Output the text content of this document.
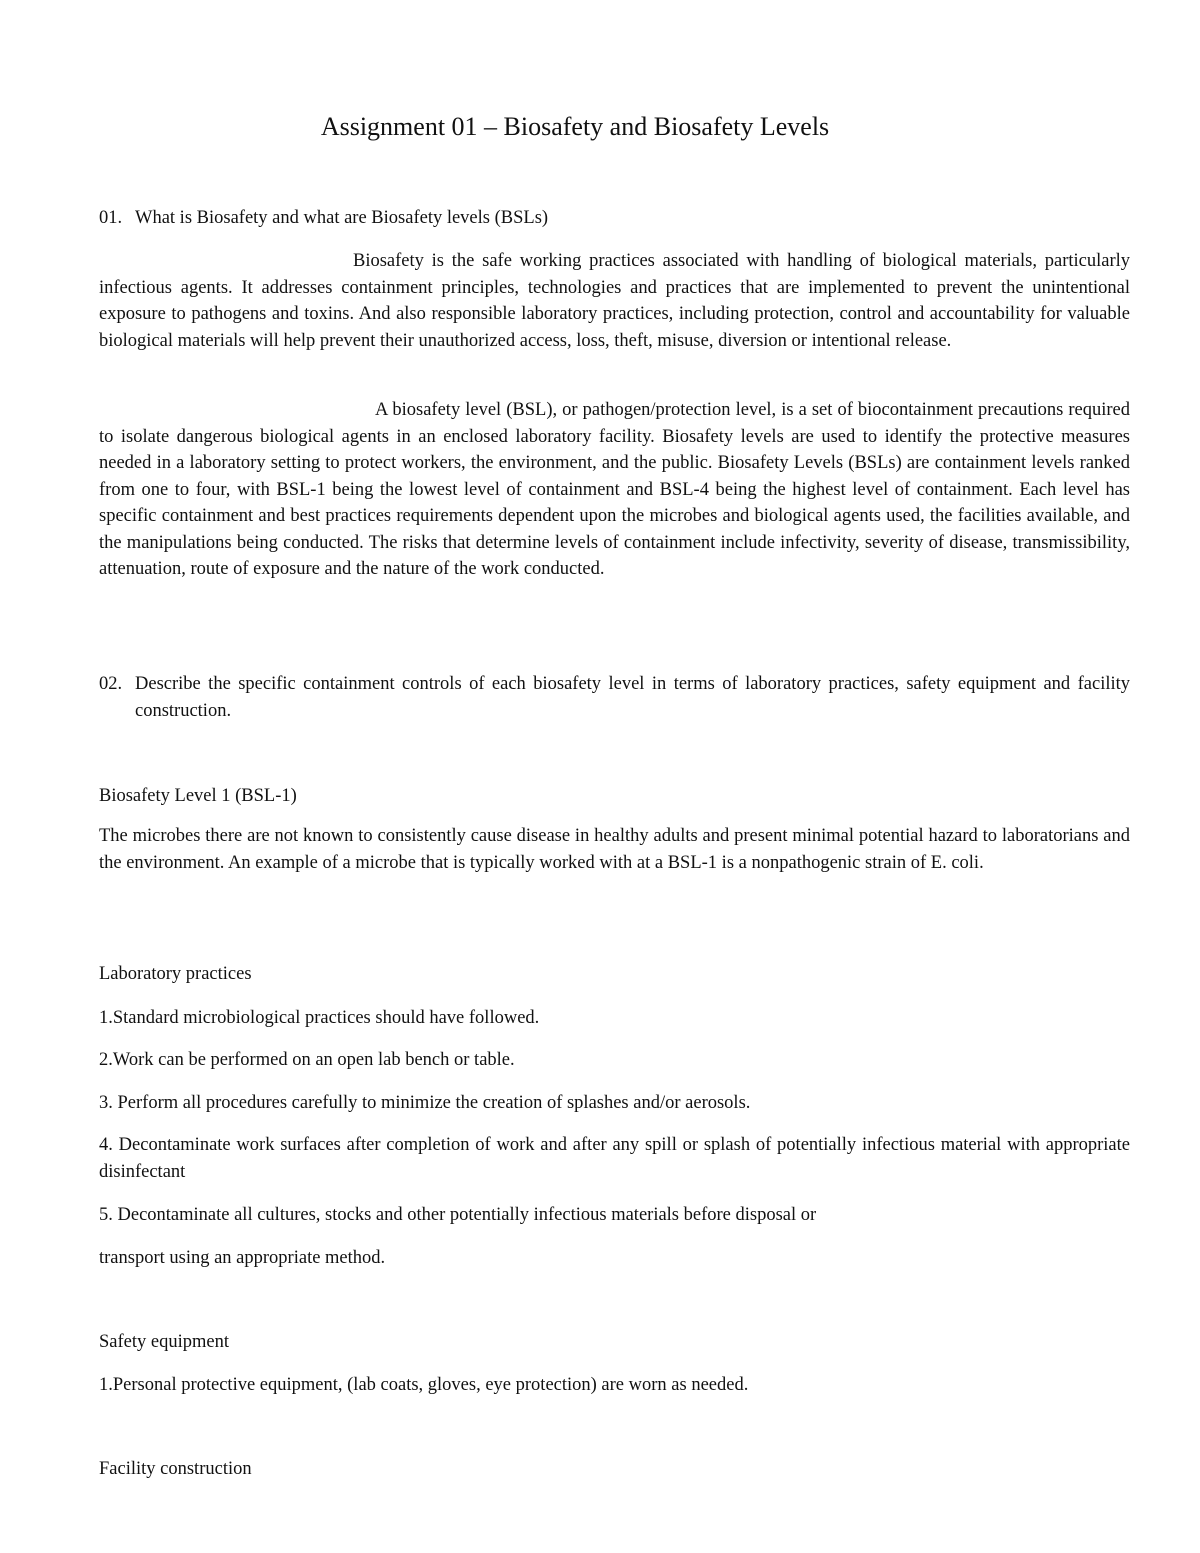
Assignment 01 – Biosafety and Biosafety Levels
01. What is Biosafety and what are Biosafety levels (BSLs)

Biosafety is the safe working practices associated with handling of biological materials, particularly infectious agents. It addresses containment principles, technologies and practices that are implemented to prevent the unintentional exposure to pathogens and toxins. And also responsible laboratory practices, including protection, control and accountability for valuable biological materials will help prevent their unauthorized access, loss, theft, misuse, diversion or intentional release.

A biosafety level (BSL), or pathogen/protection level, is a set of biocontainment precautions required to isolate dangerous biological agents in an enclosed laboratory facility. Biosafety levels are used to identify the protective measures needed in a laboratory setting to protect workers, the environment, and the public. Biosafety Levels (BSLs) are containment levels ranked from one to four, with BSL-1 being the lowest level of containment and BSL-4 being the highest level of containment. Each level has specific containment and best practices requirements dependent upon the microbes and biological agents used, the facilities available, and the manipulations being conducted. The risks that determine levels of containment include infectivity, severity of disease, transmissibility, attenuation, route of exposure and the nature of the work conducted.

02. Describe the specific containment controls of each biosafety level in terms of laboratory practices, safety equipment and facility construction.

Biosafety Level 1 (BSL-1)

The microbes there are not known to consistently cause disease in healthy adults and present minimal potential hazard to laboratorians and the environment. An example of a microbe that is typically worked with at a BSL-1 is a nonpathogenic strain of E. coli.

Laboratory practices

1.Standard microbiological practices should have followed.

2.Work can be performed on an open lab bench or table.

3. Perform all procedures carefully to minimize the creation of splashes and/or aerosols.

4. Decontaminate work surfaces after completion of work and after any spill or splash of potentially infectious material with appropriate disinfectant

5. Decontaminate all cultures, stocks and other potentially infectious materials before disposal or

transport using an appropriate method.

Safety equipment

1.Personal protective equipment, (lab coats, gloves, eye protection) are worn as needed.

Facility construction
